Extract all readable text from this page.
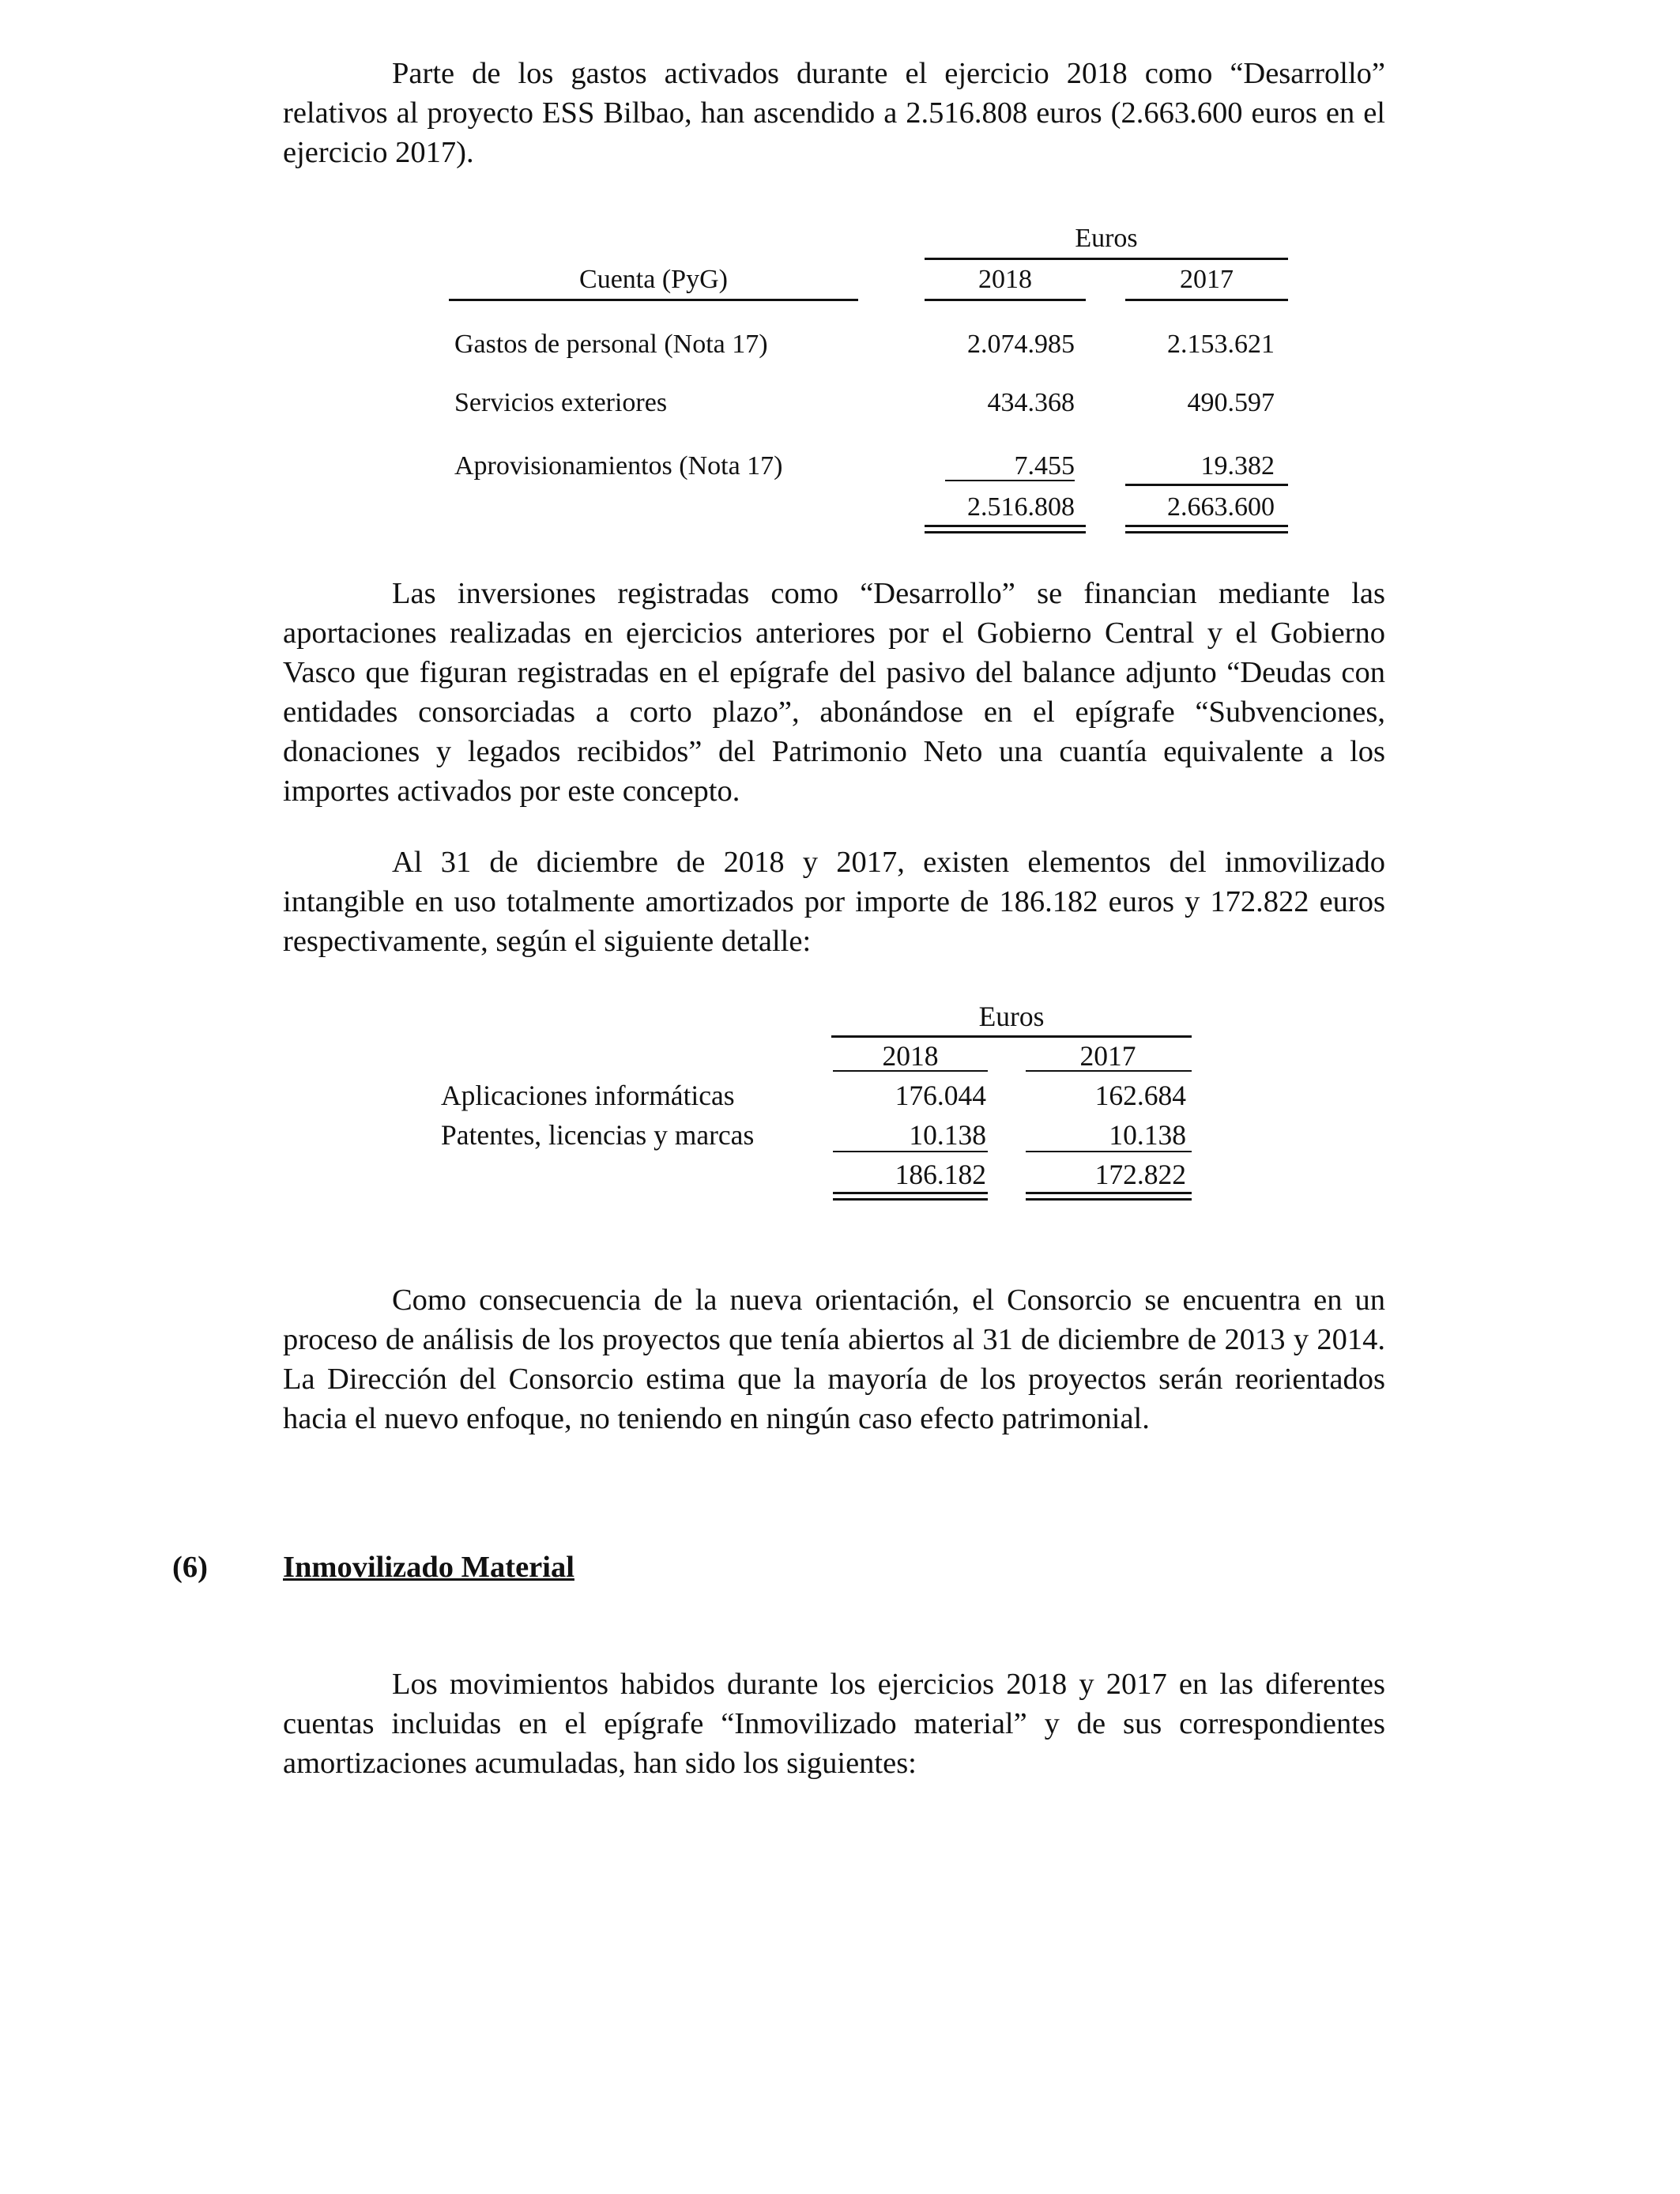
Parte de los gastos activados durante el ejercicio 2018 como “Desarrollo” relativos al proyecto ESS Bilbao, han ascendido a 2.516.808 euros (2.663.600 euros en el ejercicio 2017).

Euros
Cuenta (PyG)	2018	2017
Gastos de personal (Nota 17)	2.074.985	2.153.621
Servicios exteriores	434.368	490.597
Aprovisionamientos (Nota 17)	7.455	19.382
2.516.808	2.663.600

Las inversiones registradas como “Desarrollo” se financian mediante las aportaciones realizadas en ejercicios anteriores por el Gobierno Central y el Gobierno Vasco que figuran registradas en el epígrafe del pasivo del balance adjunto “Deudas con entidades consorciadas a corto plazo”, abonándose en el epígrafe “Subvenciones, donaciones y legados recibidos” del Patrimonio Neto una cuantía equivalente a los importes activados por este concepto.

Al 31 de diciembre de 2018 y 2017, existen elementos del inmovilizado intangible en uso totalmente amortizados por importe de 186.182 euros y 172.822 euros respectivamente, según el siguiente detalle:

Euros
2018	2017
Aplicaciones informáticas	176.044	162.684
Patentes, licencias y marcas	10.138	10.138
186.182	172.822

Como consecuencia de la nueva orientación, el Consorcio se encuentra en un proceso de análisis de los proyectos que tenía abiertos al 31 de diciembre de 2013 y 2014. La Dirección del Consorcio estima que la mayoría de los proyectos serán reorientados hacia el nuevo enfoque, no teniendo en ningún caso efecto patrimonial.

(6) Inmovilizado Material

Los movimientos habidos durante los ejercicios 2018 y 2017 en las diferentes cuentas incluidas en el epígrafe “Inmovilizado material” y de sus correspondientes amortizaciones acumuladas, han sido los siguientes:
